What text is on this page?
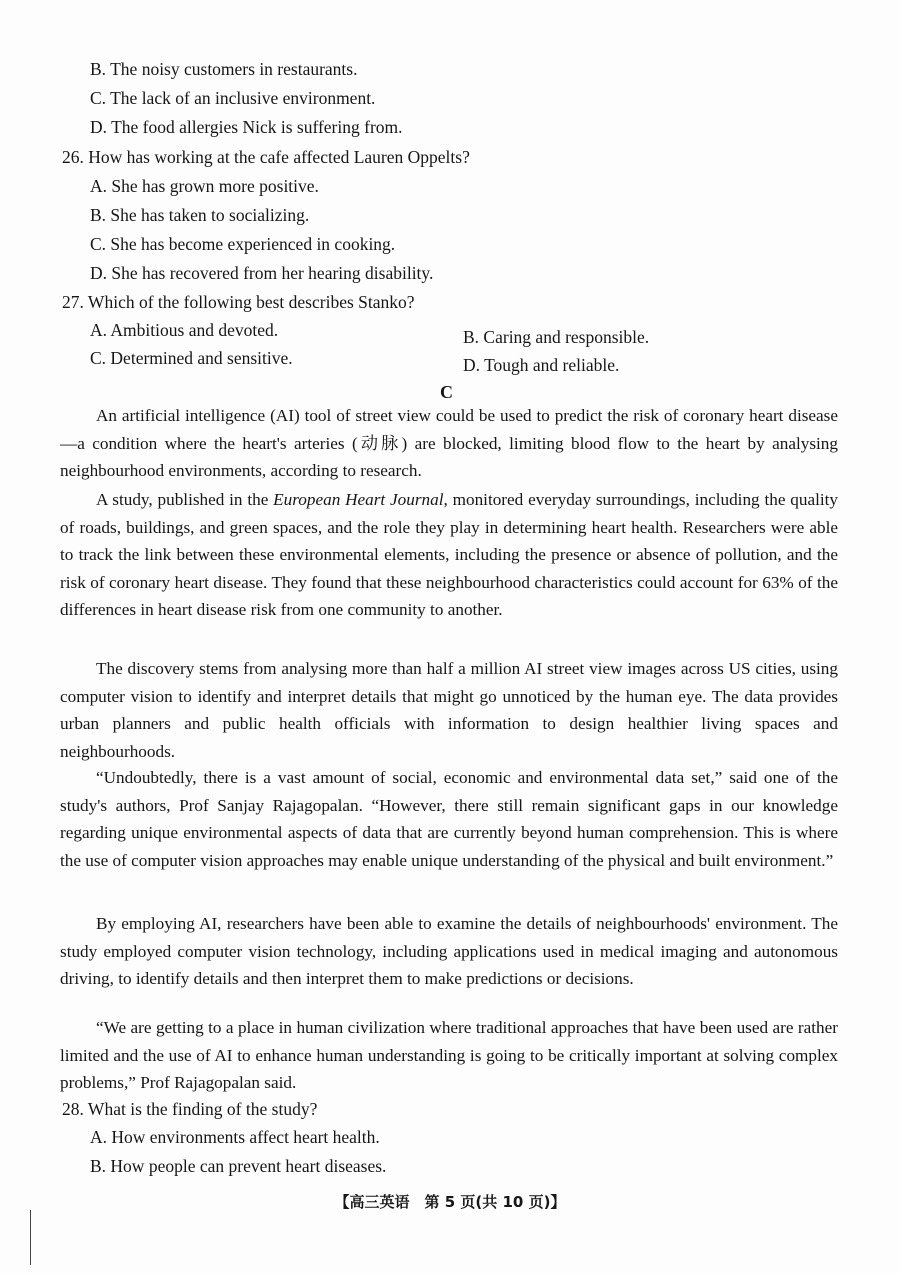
B. The noisy customers in restaurants.
C. The lack of an inclusive environment.
D. The food allergies Nick is suffering from.
26. How has working at the cafe affected Lauren Oppelts?
A. She has grown more positive.
B. She has taken to socializing.
C. She has become experienced in cooking.
D. She has recovered from her hearing disability.
27. Which of the following best describes Stanko?
A. Ambitious and devoted.	B. Caring and responsible.
C. Determined and sensitive.	D. Tough and reliable.
C
An artificial intelligence (AI) tool of street view could be used to predict the risk of coronary heart disease—a condition where the heart's arteries (动脉) are blocked, limiting blood flow to the heart by analysing neighbourhood environments, according to research.
A study, published in the European Heart Journal, monitored everyday surroundings, including the quality of roads, buildings, and green spaces, and the role they play in determining heart health. Researchers were able to track the link between these environmental elements, including the presence or absence of pollution, and the risk of coronary heart disease. They found that these neighbourhood characteristics could account for 63% of the differences in heart disease risk from one community to another.
The discovery stems from analysing more than half a million AI street view images across US cities, using computer vision to identify and interpret details that might go unnoticed by the human eye. The data provides urban planners and public health officials with information to design healthier living spaces and neighbourhoods.
“Undoubtedly, there is a vast amount of social, economic and environmental data set,” said one of the study's authors, Prof Sanjay Rajagopalan. “However, there still remain significant gaps in our knowledge regarding unique environmental aspects of data that are currently beyond human comprehension. This is where the use of computer vision approaches may enable unique understanding of the physical and built environment.”
By employing AI, researchers have been able to examine the details of neighbourhoods' environment. The study employed computer vision technology, including applications used in medical imaging and autonomous driving, to identify details and then interpret them to make predictions or decisions.
“We are getting to a place in human civilization where traditional approaches that have been used are rather limited and the use of AI to enhance human understanding is going to be critically important at solving complex problems,” Prof Rajagopalan said.
28. What is the finding of the study?
A. How environments affect heart health.
B. How people can prevent heart diseases.
【高三英语　第 5 页(共 10 页)】
